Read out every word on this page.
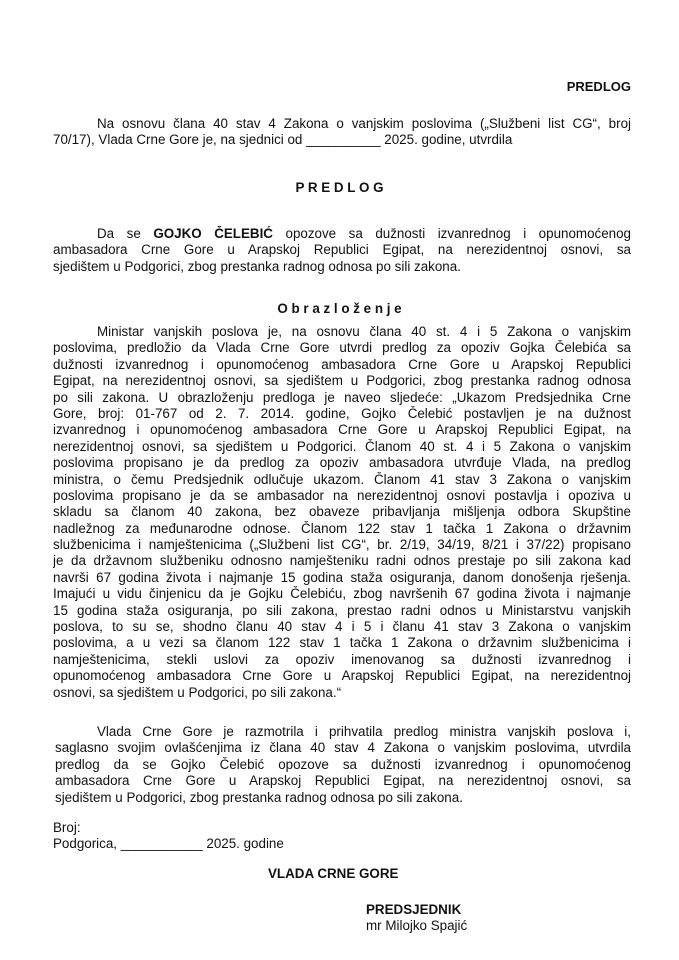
PREDLOG
Na osnovu člana 40 stav 4 Zakona o vanjskim poslovima („Službeni list CG“, broj
70/17), Vlada Crne Gore je, na sjednici od __________ 2025. godine, utvrdila
P R E D L O G
Da se GOJKO ČELEBIĆ opozove sa dužnosti izvanrednog i opunomoćenog
ambasadora Crne Gore u Arapskoj Republici Egipat, na nerezidentnoj osnovi, sa
sjedištem u Podgorici, zbog prestanka radnog odnosa po sili zakona.
O b r a z l o ž e n j e
Ministar vanjskih poslova je, na osnovu člana 40 st. 4 i 5 Zakona o vanjskim
poslovima, predložio da Vlada Crne Gore utvrdi predlog za opoziv Gojka Čelebića sa
dužnosti izvanrednog i opunomoćenog ambasadora Crne Gore u Arapskoj Republici
Egipat, na nerezidentnoj osnovi, sa sjedištem u Podgorici, zbog prestanka radnog odnosa
po sili zakona. U obrazloženju predloga je naveo sljedeće: „Ukazom Predsjednika Crne
Gore, broj: 01-767 od 2. 7. 2014. godine, Gojko Čelebić postavljen je na dužnost
izvanrednog i opunomoćenog ambasadora Crne Gore u Arapskoj Republici Egipat, na
nerezidentnoj osnovi, sa sjedištem u Podgorici. Članom 40 st. 4 i 5 Zakona o vanjskim
poslovima propisano je da predlog za opoziv ambasadora utvrđuje Vlada, na predlog
ministra, o čemu Predsjednik odlučuje ukazom. Članom 41 stav 3 Zakona o vanjskim
poslovima propisano je da se ambasador na nerezidentnoj osnovi postavlja i opoziva u
skladu sa članom 40 zakona, bez obaveze pribavljanja mišljenja odbora Skupštine
nadležnog za međunarodne odnose. Članom 122 stav 1 tačka 1 Zakona o državnim
službenicima i namještenicima („Službeni list CG“, br. 2/19, 34/19, 8/21 i 37/22) propisano
je da državnom službeniku odnosno namješteniku radni odnos prestaje po sili zakona kad
navrši 67 godina života i najmanje 15 godina staža osiguranja, danom donošenja rješenja.
Imajući u vidu činjenicu da je Gojku Čelebiću, zbog navršenih 67 godina života i najmanje
15 godina staža osiguranja, po sili zakona, prestao radni odnos u Ministarstvu vanjskih
poslova, to su se, shodno članu 40 stav 4 i 5 i članu 41 stav 3 Zakona o vanjskim
poslovima, a u vezi sa članom 122 stav 1 tačka 1 Zakona o državnim službenicima i
namještenicima, stekli uslovi za opoziv imenovanog sa dužnosti izvanrednog i
opunomoćenog ambasadora Crne Gore u Arapskoj Republici Egipat, na nerezidentnoj
osnovi, sa sjedištem u Podgorici, po sili zakona.“
Vlada Crne Gore je razmotrila i prihvatila predlog ministra vanjskih poslova i,
saglasno svojim ovlašćenjima iz člana 40 stav 4 Zakona o vanjskim poslovima, utvrdila
predlog da se Gojko Čelebić opozove sa dužnosti izvanrednog i opunomoćenog
ambasadora Crne Gore u Arapskoj Republici Egipat, na nerezidentnoj osnovi, sa
sjedištem u Podgorici, zbog prestanka radnog odnosa po sili zakona.
Broj:
Podgorica, ___________ 2025. godine
VLADA CRNE GORE
PREDSJEDNIK
mr Milojko Spajić
